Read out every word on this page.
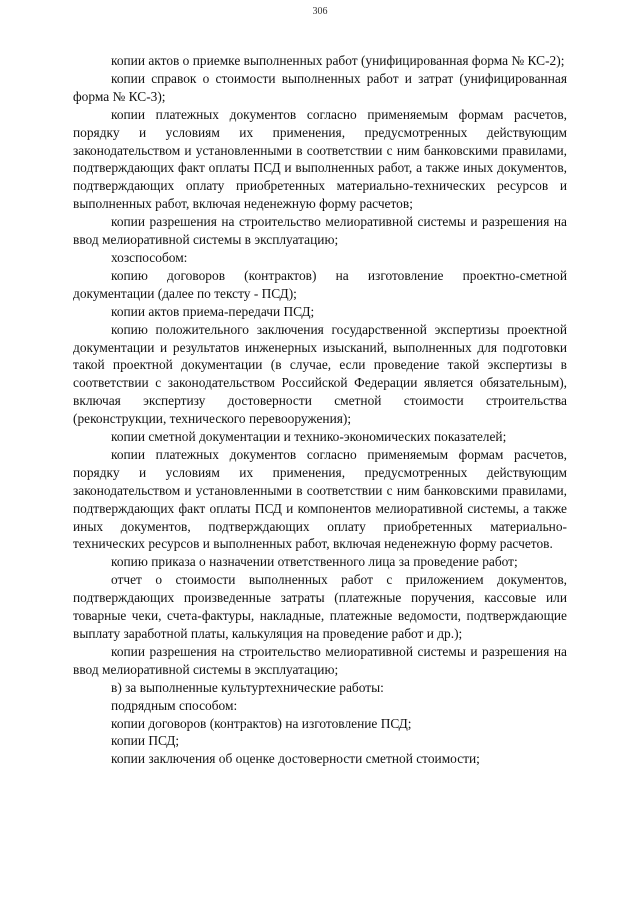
306

копии актов о приемке выполненных работ (унифицированная форма № КС-2);

копии справок о стоимости выполненных работ и затрат (унифицированная форма № КС-3);

копии платежных документов согласно применяемым формам расчетов, порядку и условиям их применения, предусмотренных действующим законодательством и установленными в соответствии с ним банковскими правилами, подтверждающих факт оплаты ПСД и выполненных работ, а также иных документов, подтверждающих оплату приобретенных материально-технических ресурсов и выполненных работ, включая неденежную форму расчетов;

копии разрешения на строительство мелиоративной системы и разрешения на ввод мелиоративной системы в эксплуатацию;

хозспособом:

копию договоров (контрактов) на изготовление проектно-сметной документации (далее по тексту - ПСД);

копии актов приема-передачи ПСД;

копию положительного заключения государственной экспертизы проектной документации и результатов инженерных изысканий, выполненных для подготовки такой проектной документации (в случае, если проведение такой экспертизы в соответствии с законодательством Российской Федерации является обязательным), включая экспертизу достоверности сметной стоимости строительства (реконструкции, технического перевооружения);

копии сметной документации и технико-экономических показателей;

копии платежных документов согласно применяемым формам расчетов, порядку и условиям их применения, предусмотренных действующим законодательством и установленными в соответствии с ним банковскими правилами, подтверждающих факт оплаты ПСД и компонентов мелиоративной системы, а также иных документов, подтверждающих оплату приобретенных материально-технических ресурсов и выполненных работ, включая неденежную форму расчетов.

копию приказа о назначении ответственного лица за проведение работ;

отчет о стоимости выполненных работ с приложением документов, подтверждающих произведенные затраты (платежные поручения, кассовые или товарные чеки, счета-фактуры, накладные, платежные ведомости, подтверждающие выплату заработной платы, калькуляция на проведение работ и др.);

копии разрешения на строительство мелиоративной системы и разрешения на ввод мелиоративной системы в эксплуатацию;

в) за выполненные культуртехнические работы:

подрядным способом:

копии договоров (контрактов) на изготовление ПСД;

копии ПСД;

копии заключения об оценке достоверности сметной стоимости;
